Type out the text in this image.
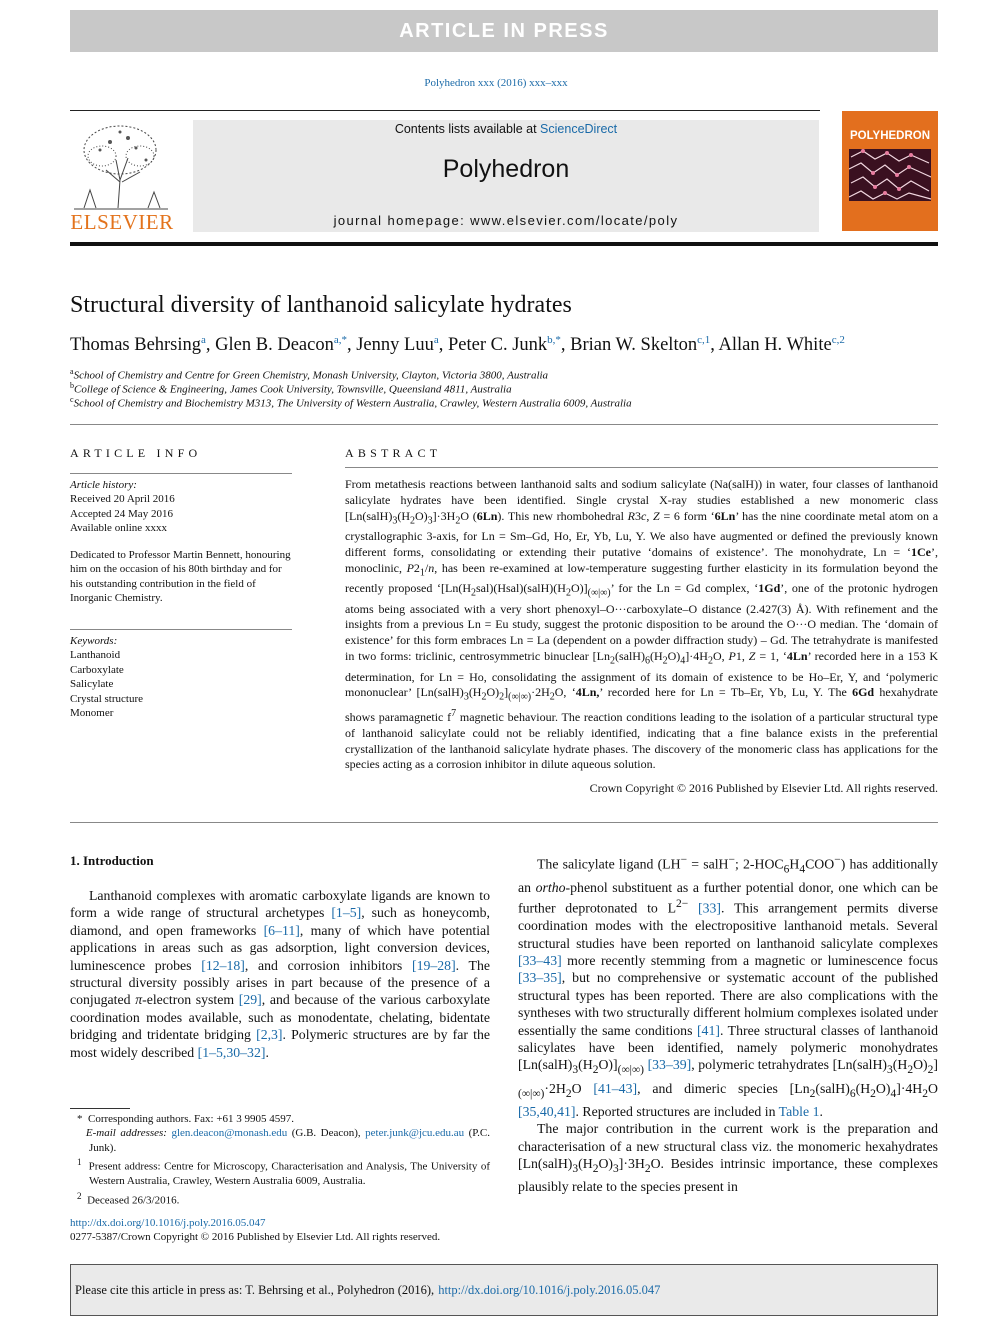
ARTICLE IN PRESS
Polyhedron xxx (2016) xxx–xxx
ELSEVIER
Contents lists available at ScienceDirect
Polyhedron
journal homepage: www.elsevier.com/locate/poly
POLYHEDRON
Structural diversity of lanthanoid salicylate hydrates
Thomas Behrsing$^a$, Glen B. Deacon$^{a,*}$, Jenny Luu$^a$, Peter C. Junk$^{b,*}$, Brian W. Skelton$^{c,1}$, Allan H. White$^{c,2}$
$^a$School of Chemistry and Centre for Green Chemistry, Monash University, Clayton, Victoria 3800, Australia
$^b$College of Science & Engineering, James Cook University, Townsville, Queensland 4811, Australia
$^c$School of Chemistry and Biochemistry M313, The University of Western Australia, Crawley, Western Australia 6009, Australia
ARTICLE INFO
Article history:
Received 20 April 2016
Accepted 24 May 2016
Available online xxxx
Dedicated to Professor Martin Bennett, honouring him on the occasion of his 80th birthday and for his outstanding contribution in the field of Inorganic Chemistry.
Keywords:
Lanthanoid
Carboxylate
Salicylate
Crystal structure
Monomer
ABSTRACT
From metathesis reactions between lanthanoid salts and sodium salicylate (Na(salH)) in water, four classes of lanthanoid salicylate hydrates have been identified. Single crystal X-ray studies established a new monomeric class $[Ln(salH)_3(H_2O)_3]\cdot 3H_2O$ (6Ln). This new rhombohedral R3c, Z = 6 form ‘6Ln’ has the nine coordinate metal atom on a crystallographic 3-axis, for Ln = Sm–Gd, Ho, Er, Yb, Lu, Y. We also have augmented or defined the previously known different forms, consolidating or extending their putative ‘domains of existence’. The monohydrate, Ln = ‘1Ce’, monoclinic, $P2_1/n$, has been re-examined at low-temperature suggesting further elasticity in its formulation beyond the recently proposed ‘$[Ln(H_2sal)(Hsal)(salH)(H_2O)]_{(\infty|\infty)}$’ for the Ln = Gd complex, ‘1Gd’, one of the protonic hydrogen atoms being associated with a very short phenoxyl–O···carboxylate–O distance (2.427(3) Å). With refinement and the insights from a previous Ln = Eu study, suggest the protonic disposition to be around the O···O median. The ‘domain of existence’ for this form embraces Ln = La (dependent on a powder diffraction study) – Gd. The tetrahydrate is manifested in two forms: triclinic, centrosymmetric binuclear $[Ln_2(salH)_6(H_2O)_4]\cdot 4H_2O$, P1, Z = 1, ‘4Ln’ recorded here in a 153 K determination, for Ln = Ho, consolidating the assignment of its domain of existence to be Ho–Er, Y, and ‘polymeric mononuclear’ $[Ln(salH)_3(H_2O)_2]_{(\infty|\infty)}\cdot 2H_2O$, ‘4Ln,’ recorded here for Ln = Tb–Er, Yb, Lu, Y. The 6Gd hexahydrate shows paramagnetic $f^7$ magnetic behaviour. The reaction conditions leading to the isolation of a particular structural type of lanthanoid salicylate could not be reliably identified, indicating that a fine balance exists in the preferential crystallization of the lanthanoid salicylate hydrate phases. The discovery of the monomeric class has applications for the species acting as a corrosion inhibitor in dilute aqueous solution.
Crown Copyright © 2016 Published by Elsevier Ltd. All rights reserved.
1. Introduction

Lanthanoid complexes with aromatic carboxylate ligands are known to form a wide range of structural archetypes [1–5], such as honeycomb, diamond, and open frameworks [6–11], many of which have potential applications in areas such as gas adsorption, light conversion devices, luminescence probes [12–18], and corrosion inhibitors [19–28]. The structural diversity possibly arises in part because of the presence of a conjugated π-electron system [29], and because of the various carboxylate coordination modes available, such as monodentate, chelating, bidentate bridging and tridentate bridging [2,3]. Polymeric structures are by far the most widely described [1–5,30–32].

The salicylate ligand (LH− = salH−; $2-HOC_6H_4COO^-$) has additionally an ortho-phenol substituent as a further potential donor, one which can be further deprotonated to $L^{2-}$ [33]. This arrangement permits diverse coordination modes with the electropositive lanthanoid metals. Several structural studies have been reported on lanthanoid salicylate complexes [33–43] more recently stemming from a magnetic or luminescence focus [33–35], but no comprehensive or systematic account of the published structural types has been reported. There are also complications with the syntheses with two structurally different holmium complexes isolated under essentially the same conditions [41]. Three structural classes of lanthanoid salicylates have been identified, namely polymeric monohydrates $[Ln(salH)_3(H_2O)]_{(\infty|\infty)}$ [33–39], polymeric tetrahydrates $[Ln(salH)_3(H_2O)_2]_{(\infty|\infty)}\cdot 2H_2O$ [41–43], and dimeric species $[Ln_2(salH)_6(H_2O)_4]\cdot 4H_2O$ [35,40,41]. Reported structures are included in Table 1.

The major contribution in the current work is the preparation and characterisation of a new structural class viz. the monomeric hexahydrates $[Ln(salH)_3(H_2O)_3]\cdot 3H_2O$. Besides intrinsic importance, these complexes plausibly relate to the species present in

*  Corresponding authors. Fax: +61 3 9905 4597.
E-mail addresses: glen.deacon@monash.edu (G.B. Deacon), peter.junk@jcu.edu.au (P.C. Junk).
$^1$ Present address: Centre for Microscopy, Characterisation and Analysis, The University of Western Australia, Crawley, Western Australia 6009, Australia.
$^2$ Deceased 26/3/2016.
http://dx.doi.org/10.1016/j.poly.2016.05.047
0277-5387/Crown Copyright © 2016 Published by Elsevier Ltd. All rights reserved.
Please cite this article in press as: T. Behrsing et al., Polyhedron (2016), http://dx.doi.org/10.1016/j.poly.2016.05.047
